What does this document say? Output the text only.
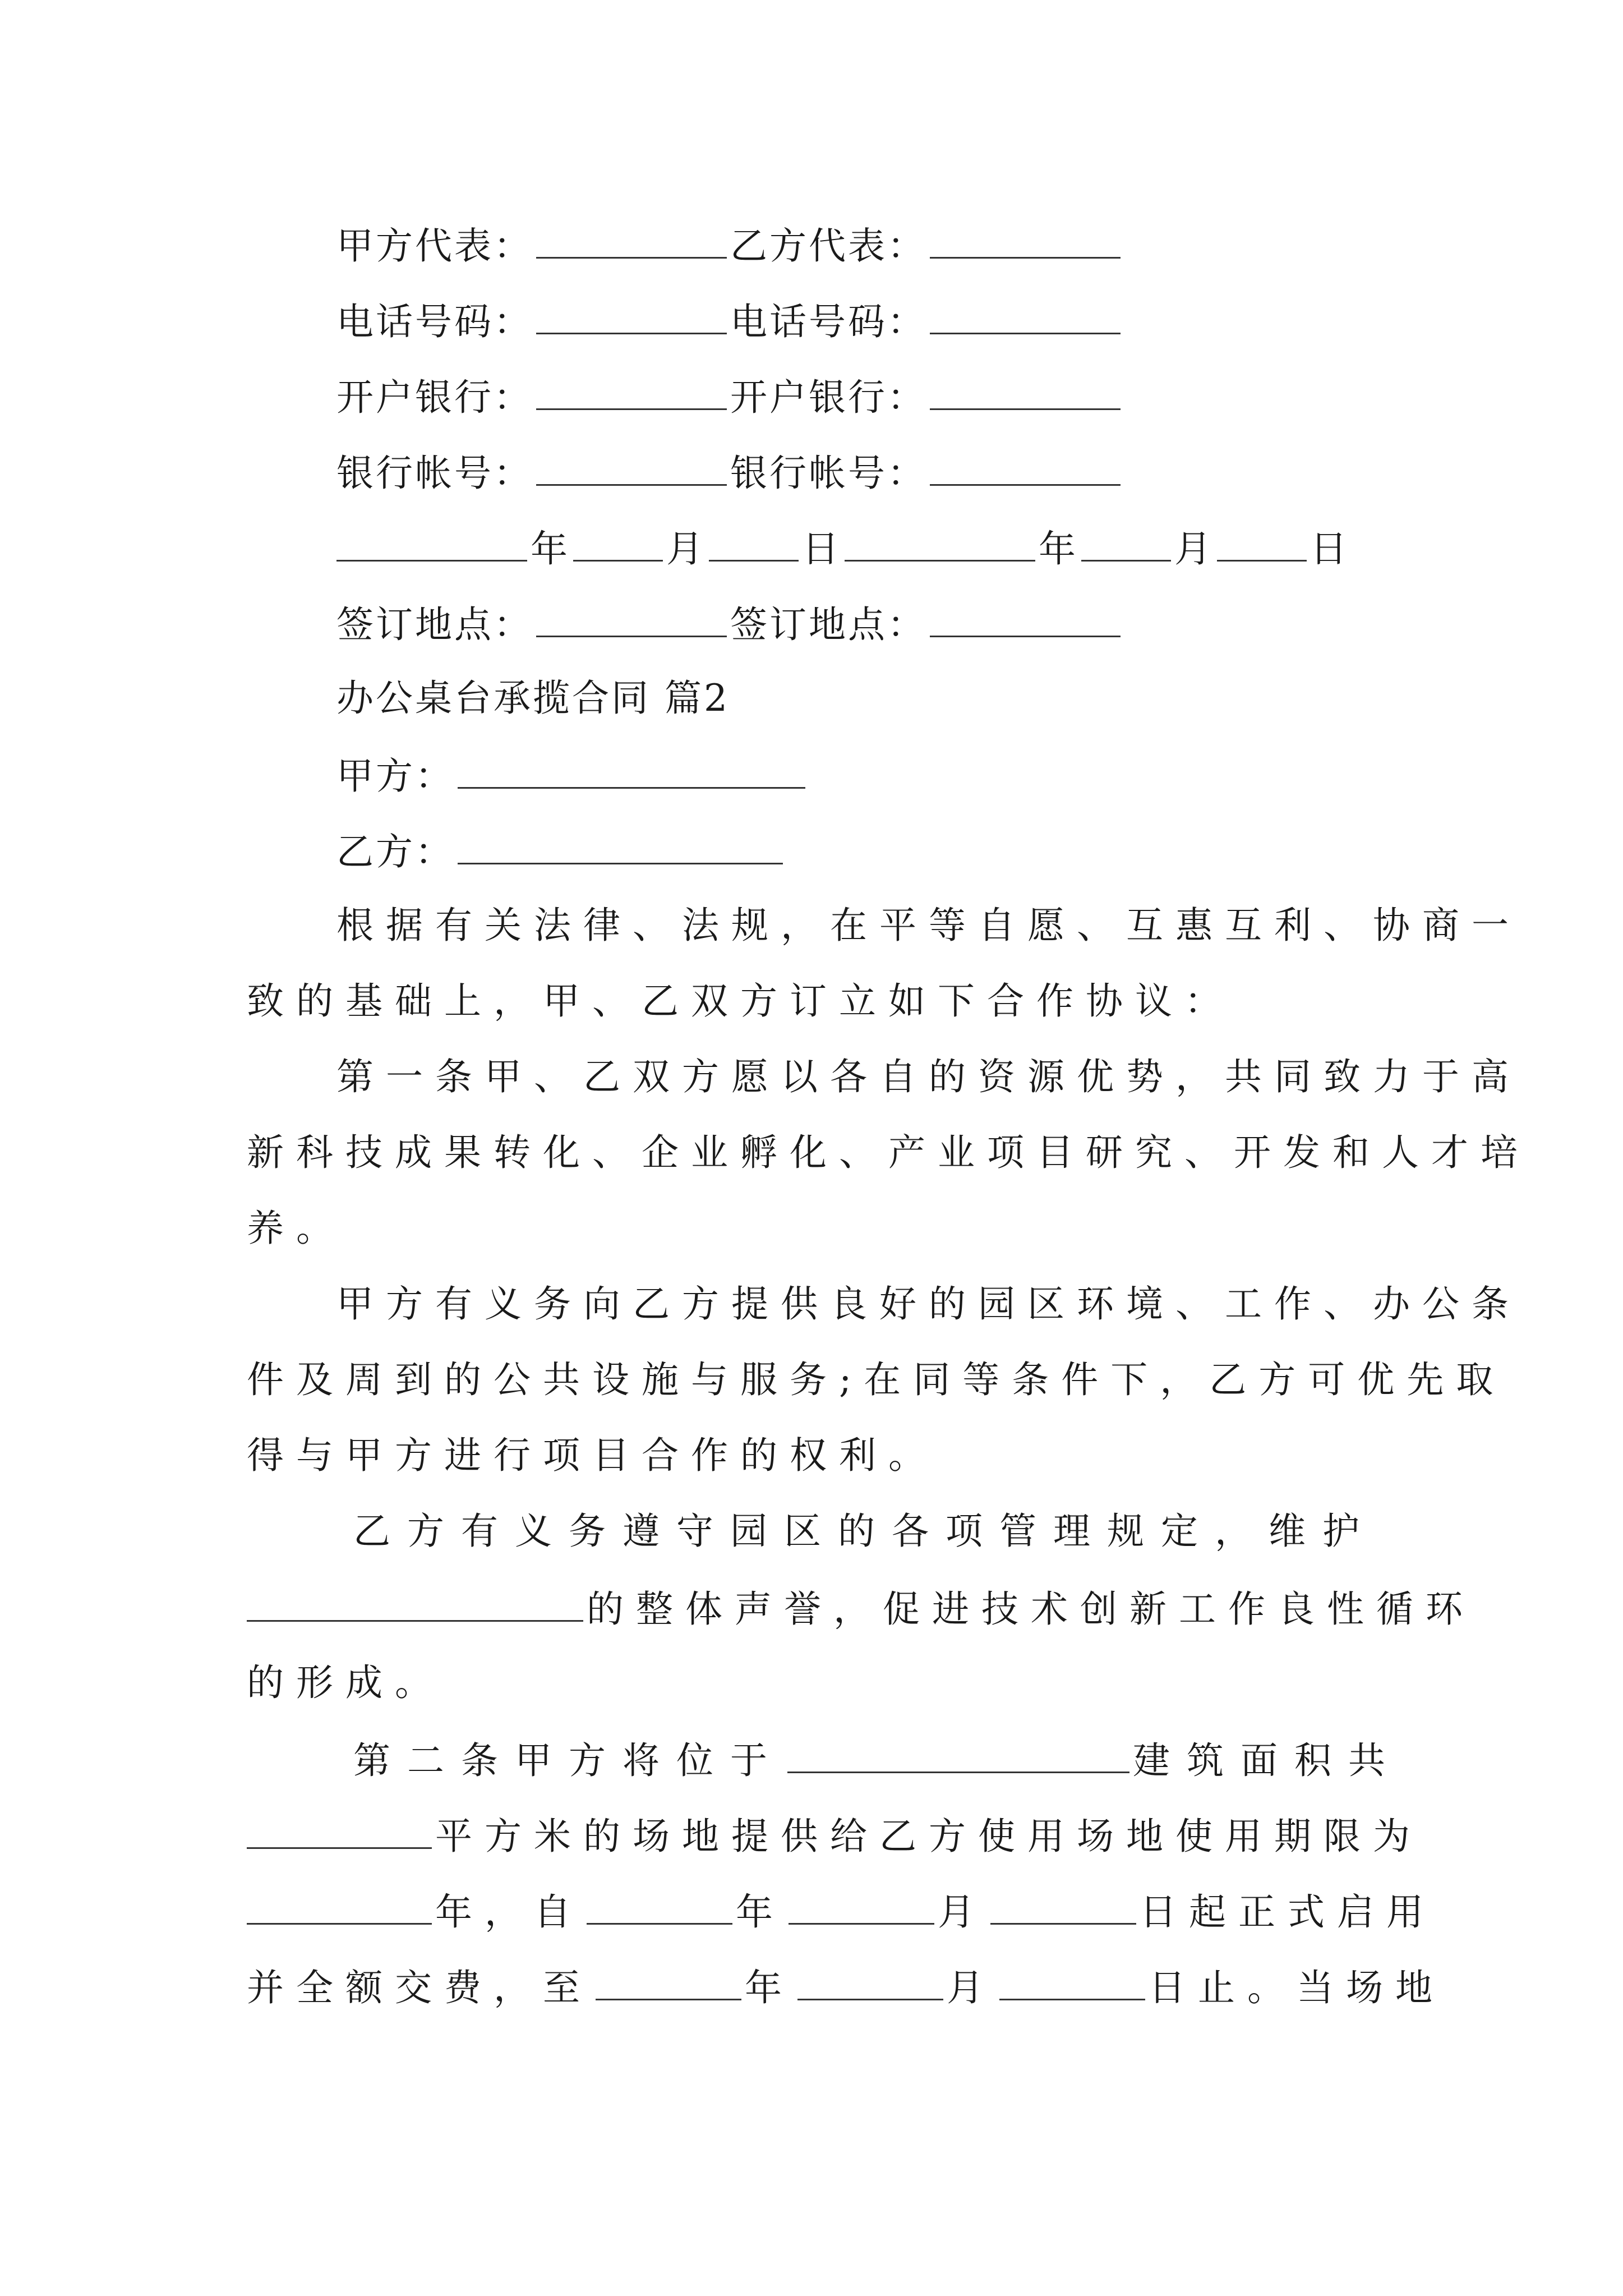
甲方代表：	乙方代表：
电话号码：	电话号码：
开户银行：	开户银行：
银行帐号：	银行帐号：
年	月	日	年	月	日
签订地点：	签订地点：
办公桌台承揽合同 篇2
甲方：
乙方：
根据有关法律、法规，在平等自愿、互惠互利、协商一
致的基础上，甲、乙双方订立如下合作协议：
第一条甲、乙双方愿以各自的资源优势，共同致力于高
新科技成果转化、企业孵化、产业项目研究、开发和人才培
养。
甲方有义务向乙方提供良好的园区环境、工作、办公条
件及周到的公共设施与服务;在同等条件下，乙方可优先取
得与甲方进行项目合作的权利。
乙方有义务遵守园区的各项管理规定，维护
的整体声誉，促进技术创新工作良性循环
的形成。
第二条甲方将位于	建筑面积共
平方米的场地提供给乙方使用场地使用期限为
年，自	年	月	日起正式启用
并全额交费，至	年	月	日止。当场地
